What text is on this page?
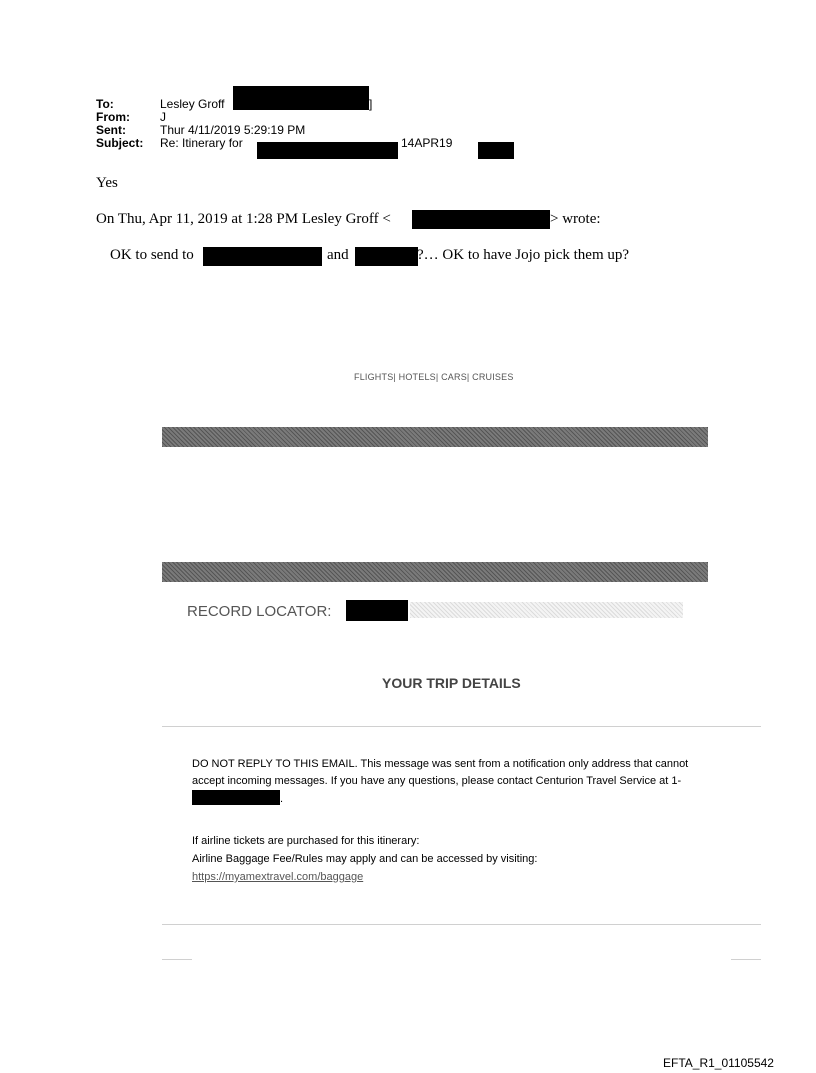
To:	Lesley Groff	]
From:	J
Sent:	Thur 4/11/2019 5:29:19 PM
Subject: Re: Itinerary for	14APR19
Yes
On Thu, Apr 11, 2019 at 1:28 PM Lesley Groff <	> wrote:
OK to send to	and	?… OK to have Jojo pick them up?
FLIGHTS| HOTELS| CARS| CRUISES
RECORD LOCATOR:
YOUR TRIP DETAILS
DO NOT REPLY TO THIS EMAIL. This message was sent from a notification only address that cannot accept incoming messages. If you have any questions, please contact Centurion Travel Service at 1-.
If airline tickets are purchased for this itinerary:
Airline Baggage Fee/Rules may apply and can be accessed by visiting:
https://myamextravel.com/baggage
EFTA_R1_01105542
